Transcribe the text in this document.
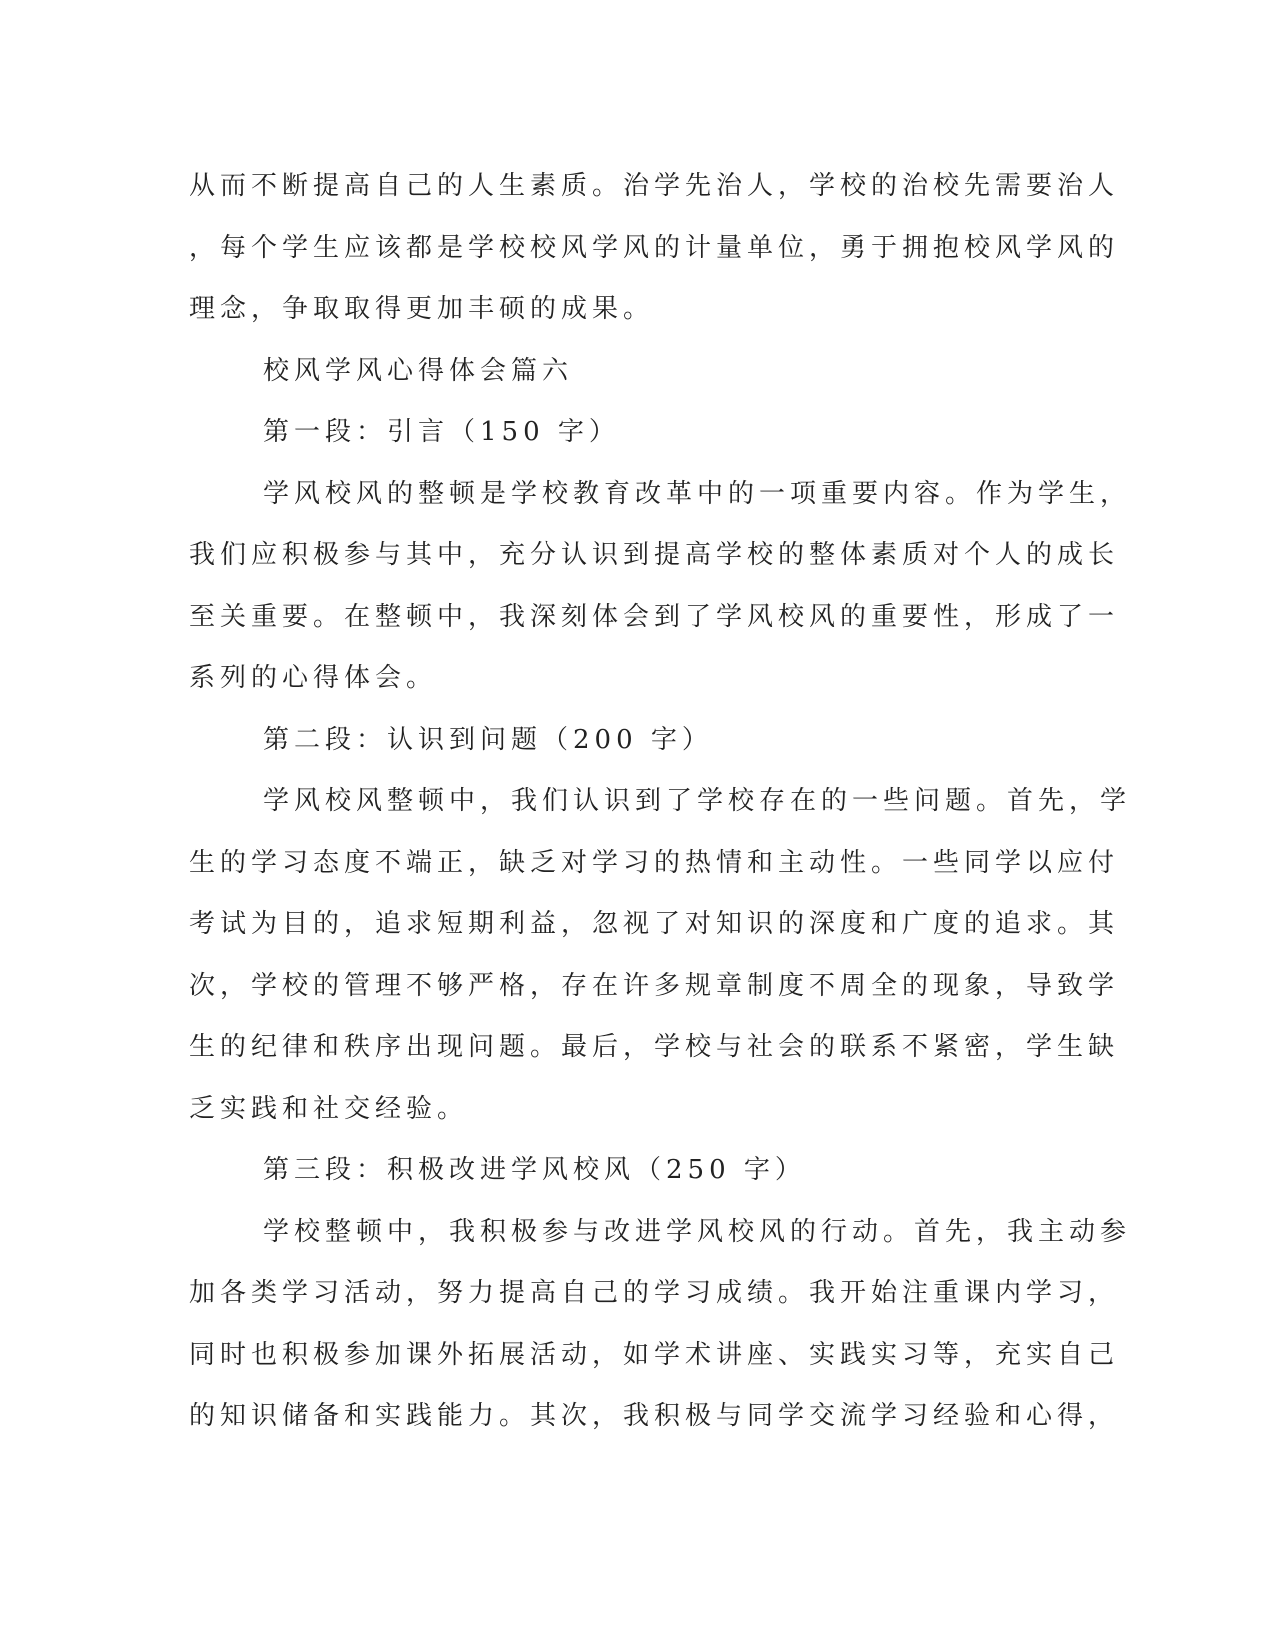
从而不断提高自己的人生素质。治学先治人，学校的治校先需要治人
，每个学生应该都是学校校风学风的计量单位，勇于拥抱校风学风的
理念，争取取得更加丰硕的成果。
校风学风心得体会篇六
第一段：引言（150 字）
学风校风的整顿是学校教育改革中的一项重要内容。作为学生，
我们应积极参与其中，充分认识到提高学校的整体素质对个人的成长
至关重要。在整顿中，我深刻体会到了学风校风的重要性，形成了一
系列的心得体会。
第二段：认识到问题（200 字）
学风校风整顿中，我们认识到了学校存在的一些问题。首先，学
生的学习态度不端正，缺乏对学习的热情和主动性。一些同学以应付
考试为目的，追求短期利益，忽视了对知识的深度和广度的追求。其
次，学校的管理不够严格，存在许多规章制度不周全的现象，导致学
生的纪律和秩序出现问题。最后，学校与社会的联系不紧密，学生缺
乏实践和社交经验。
第三段：积极改进学风校风（250 字）
学校整顿中，我积极参与改进学风校风的行动。首先，我主动参
加各类学习活动，努力提高自己的学习成绩。我开始注重课内学习，
同时也积极参加课外拓展活动，如学术讲座、实践实习等，充实自己
的知识储备和实践能力。其次，我积极与同学交流学习经验和心得，
